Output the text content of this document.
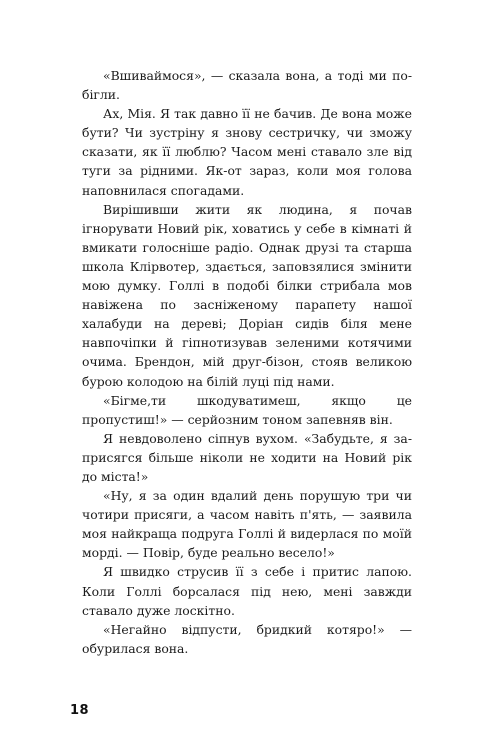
«Вшиваймося», — сказала вона, а тоді ми побігли.

Ах, Мія. Я так давно її не бачив. Де вона може бути? Чи зустріну я знову сестричку, чи зможу сказати, як її люблю? Часом мені ставало зле від туги за рідними. Як-от зараз, коли моя голова наповнилася спогадами.

Вирішивши жити як людина, я почав ігнорувати Новий рік, ховатись у себе в кімнаті й вмикати голосніше радіо. Однак друзі та старша школа Клірвотер, здається, заповзялися змінити мою думку. Голлі в подобі білки стрибала мов навіжена по засніженому парапету нашої халабуди на дереві; Доріан сидів біля мене навпочіпки й гіпнотизував зеленими котячими очима. Брендон, мій друг-бізон, стояв великою бурою колодою на білій луці під нами.

«Бігме,ти шкодуватимеш, якщо це пропустиш!» — серйозним тоном запевняв він.

Я невдоволено сіпнув вухом. «Забудьте, я заприсягся більше ніколи не ходити на Новий рік до міста!»

«Ну, я за один вдалий день порушую три чи чотири присяги, а часом навіть п'ять, — заявила моя найкраща подруга Голлі й видерлася по моїй морді. — Повір, буде реально весело!»

Я швидко струсив її з себе і притис лапою. Коли Голлі борсалася під нею, мені завжди ставало дуже лоскітно.

«Негайно відпусти, бридкий котяро!» — обурилася вона.

18
